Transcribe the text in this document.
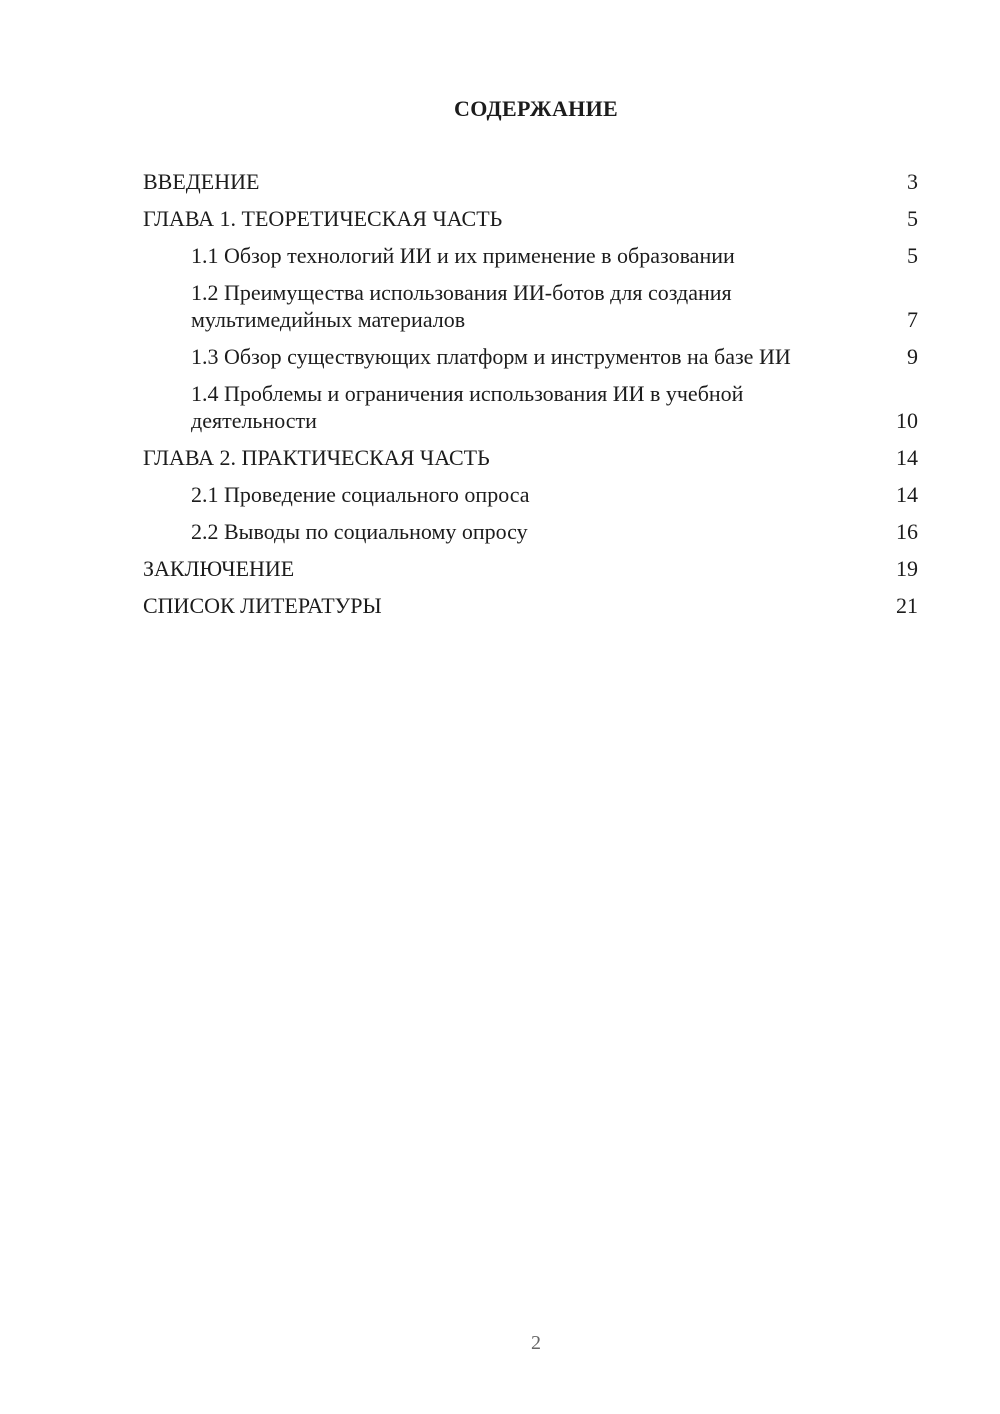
СОДЕРЖАНИЕ
ВВЕДЕНИЕ	3
ГЛАВА 1. ТЕОРЕТИЧЕСКАЯ ЧАСТЬ	5
1.1 Обзор технологий ИИ и их применение в образовании	5
1.2 Преимущества использования ИИ-ботов для создания мультимедийных материалов	7
1.3 Обзор существующих платформ и инструментов на базе ИИ	9
1.4 Проблемы и ограничения использования ИИ в учебной деятельности	10
ГЛАВА 2. ПРАКТИЧЕСКАЯ ЧАСТЬ	14
2.1 Проведение социального опроса	14
2.2 Выводы по социальному опросу	16
ЗАКЛЮЧЕНИЕ	19
СПИСОК ЛИТЕРАТУРЫ	21
2
